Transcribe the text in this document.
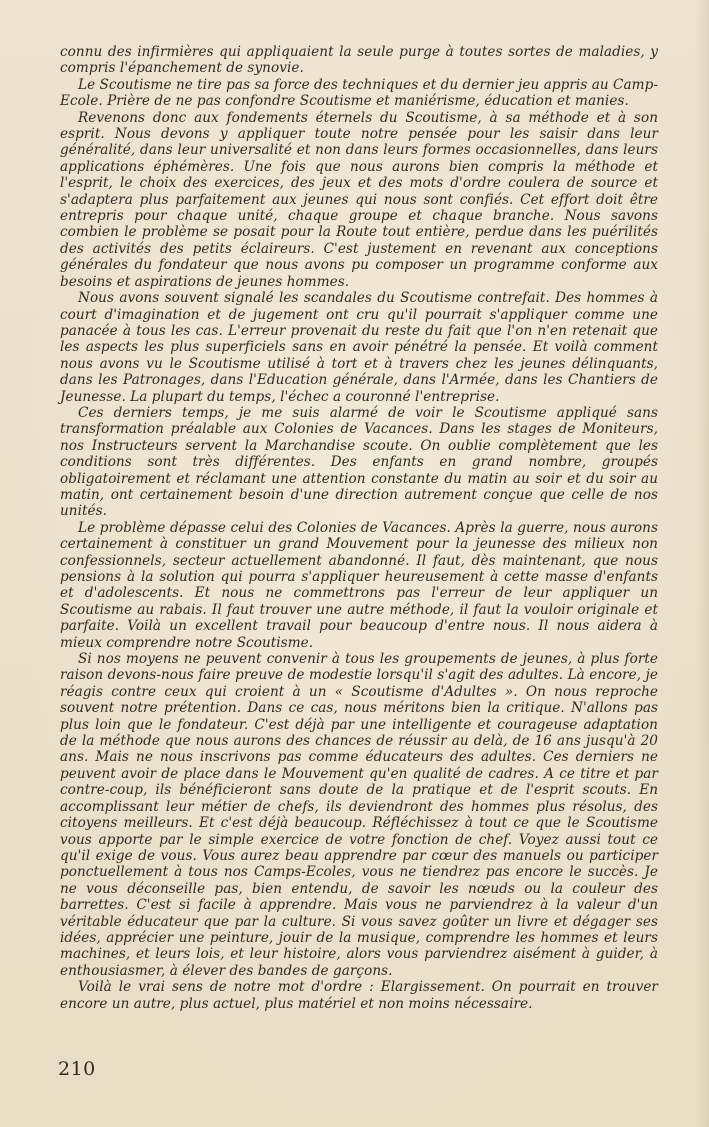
connu des infirmières qui appliquaient la seule purge à toutes sortes de maladies, y compris l'épanchement de synovie.

Le Scoutisme ne tire pas sa force des techniques et du dernier jeu appris au Camp-Ecole. Prière de ne pas confondre Scoutisme et maniérisme, éducation et manies.

Revenons donc aux fondements éternels du Scoutisme, à sa méthode et à son esprit. Nous devons y appliquer toute notre pensée pour les saisir dans leur généralité, dans leur universalité et non dans leurs formes occasionnelles, dans leurs applications éphémères. Une fois que nous aurons bien compris la méthode et l'esprit, le choix des exercices, des jeux et des mots d'ordre coulera de source et s'adaptera plus parfaitement aux jeunes qui nous sont confiés. Cet effort doit être entrepris pour chaque unité, chaque groupe et chaque branche. Nous savons combien le problème se posait pour la Route tout entière, perdue dans les puérilités des activités des petits éclaireurs. C'est justement en revenant aux conceptions générales du fondateur que nous avons pu composer un programme conforme aux besoins et aspirations de jeunes hommes.

Nous avons souvent signalé les scandales du Scoutisme contrefait. Des hommes à court d'imagination et de jugement ont cru qu'il pourrait s'appliquer comme une panacée à tous les cas. L'erreur provenait du reste du fait que l'on n'en retenait que les aspects les plus superficiels sans en avoir pénétré la pensée. Et voilà comment nous avons vu le Scoutisme utilisé à tort et à travers chez les jeunes délinquants, dans les Patronages, dans l'Education générale, dans l'Armée, dans les Chantiers de Jeunesse. La plupart du temps, l'échec a couronné l'entreprise.

Ces derniers temps, je me suis alarmé de voir le Scoutisme appliqué sans transformation préalable aux Colonies de Vacances. Dans les stages de Moniteurs, nos Instructeurs servent la Marchandise scoute. On oublie complètement que les conditions sont très différentes. Des enfants en grand nombre, groupés obligatoirement et réclamant une attention constante du matin au soir et du soir au matin, ont certainement besoin d'une direction autrement conçue que celle de nos unités.

Le problème dépasse celui des Colonies de Vacances. Après la guerre, nous aurons certainement à constituer un grand Mouvement pour la jeunesse des milieux non confessionnels, secteur actuellement abandonné. Il faut, dès maintenant, que nous pensions à la solution qui pourra s'appliquer heureusement à cette masse d'enfants et d'adolescents. Et nous ne commettrons pas l'erreur de leur appliquer un Scoutisme au rabais. Il faut trouver une autre méthode, il faut la vouloir originale et parfaite. Voilà un excellent travail pour beaucoup d'entre nous. Il nous aidera à mieux comprendre notre Scoutisme.

Si nos moyens ne peuvent convenir à tous les groupements de jeunes, à plus forte raison devons-nous faire preuve de modestie lorsqu'il s'agit des adultes. Là encore, je réagis contre ceux qui croient à un « Scoutisme d'Adultes ». On nous reproche souvent notre prétention. Dans ce cas, nous méritons bien la critique. N'allons pas plus loin que le fondateur. C'est déjà par une intelligente et courageuse adaptation de la méthode que nous aurons des chances de réussir au delà, de 16 ans jusqu'à 20 ans. Mais ne nous inscrivons pas comme éducateurs des adultes. Ces derniers ne peuvent avoir de place dans le Mouvement qu'en qualité de cadres. A ce titre et par contre-coup, ils bénéficieront sans doute de la pratique et de l'esprit scouts. En accomplissant leur métier de chefs, ils deviendront des hommes plus résolus, des citoyens meilleurs. Et c'est déjà beaucoup. Réfléchissez à tout ce que le Scoutisme vous apporte par le simple exercice de votre fonction de chef. Voyez aussi tout ce qu'il exige de vous. Vous aurez beau apprendre par cœur des manuels ou participer ponctuellement à tous nos Camps-Ecoles, vous ne tiendrez pas encore le succès. Je ne vous déconseille pas, bien entendu, de savoir les nœuds ou la couleur des barrettes. C'est si facile à apprendre. Mais vous ne parviendrez à la valeur d'un véritable éducateur que par la culture. Si vous savez goûter un livre et dégager ses idées, apprécier une peinture, jouir de la musique, comprendre les hommes et leurs machines, et leurs lois, et leur histoire, alors vous parviendrez aisément à guider, à enthousiasmer, à élever des bandes de garçons.

Voilà le vrai sens de notre mot d'ordre : Elargissement. On pourrait en trouver encore un autre, plus actuel, plus matériel et non moins nécessaire.

210
